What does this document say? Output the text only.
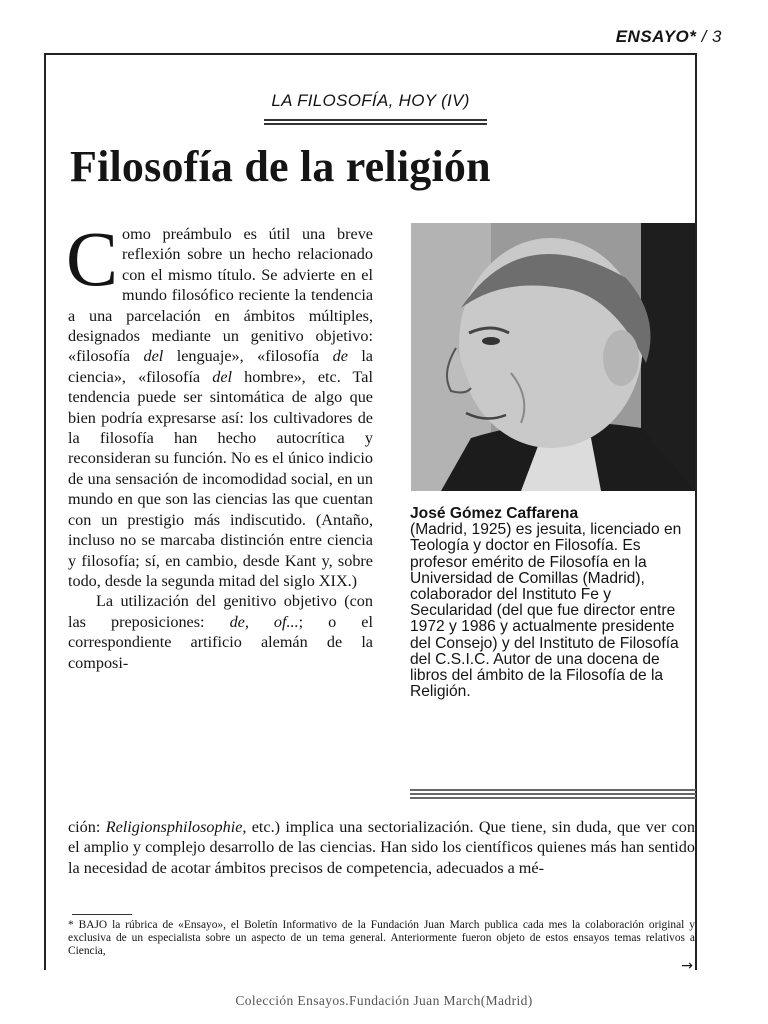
ENSAYO* / 3
LA FILOSOFÍA, HOY (IV)
Filosofía de la religión

Como preámbulo es útil una breve reflexión sobre un hecho relacionado con el mismo título. Se advierte en el mundo filosófico reciente la tendencia a una parcelación en ámbitos múltiples, designados mediante un genitivo objetivo: «filosofía del lenguaje», «filosofía de la ciencia», «filosofía del hombre», etc. Tal tendencia puede ser sintomática de algo que bien podría expresarse así: los cultivadores de la filosofía han hecho autocrítica y reconsideran su función. No es el único indicio de una sensación de incomodidad social, en un mundo en que son las ciencias las que cuentan con un prestigio más indiscutido. (Antaño, incluso no se marcaba distinción entre ciencia y filosofía; sí, en cambio, desde Kant y, sobre todo, desde la segunda mitad del siglo XIX.)

La utilización del genitivo objetivo (con las preposiciones: de, of...; o el correspondiente artificio alemán de la composi-

José Gómez Caffarena
(Madrid, 1925) es jesuita, licenciado en Teología y doctor en Filosofía. Es profesor emérito de Filosofía en la Universidad de Comillas (Madrid), colaborador del Instituto Fe y Secularidad (del que fue director entre 1972 y 1986 y actualmente presidente del Consejo) y del Instituto de Filosofía del C.S.I.C. Autor de una docena de libros del ámbito de la Filosofía de la Religión.

ción: Religionsphilosophie, etc.) implica una sectorialización. Que tiene, sin duda, que ver con el amplio y complejo desarrollo de las ciencias. Han sido los científicos quienes más han sentido la necesidad de acotar ámbitos precisos de competencia, adecuados a mé-

* BAJO la rúbrica de «Ensayo», el Boletín Informativo de la Fundación Juan March publica cada mes la colaboración original y exclusiva de un especialista sobre un aspecto de un tema general. Anteriormente fueron objeto de estos ensayos temas relativos a Ciencia,

→
Colección Ensayos.Fundación Juan March(Madrid)
